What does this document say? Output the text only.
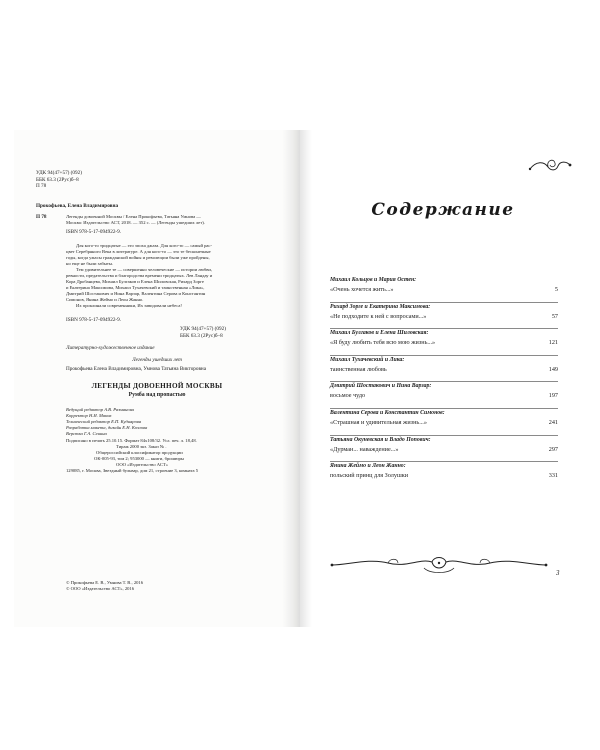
УДК 94(47+57) (092)
ББК 63.3 (2Рус)б–8
П 78
Прокофьева, Елена Владимировна
П 78	Легенды довоенной Москвы / Елена Прокофьева, Татьяна Умнова —
Москва: Издательство АСТ, 2018. — 352 с. — (Легенды ушедших лет).
ISBN 978-5-17-094922-9.

Для кого-то тридцатые — это эпоха джаза. Для кого-то — самый рас-

цвет Серебряного Века в литературе. А для кого-то — это те бесконечные
годы, когда ужасы гражданской войны и революции были уже пройдены,
но еще не были забыты.

Тем удивительнее те — совершенно человеческие — истории любви,

ревности, предательства и благородства времени тридцатых. Лев Ландау и
Кора Дробанцева, Михаил Булгаков и Елена Шиловская, Рихард Зорге
и Екатерина Максимова, Михаил Тухачевский и таинственная «Лика»,
Дмитрий Шостакович и Нина Варзар, Валентина Серова и Константин
Симонов, Янина Жеймо и Леон Жанно.

Их проклинали современники, Их завидовали небеса!

ISBN 978-5-17-094922-9.
УДК 94(47+57) (092)
ББК 63.3 (2Рус)б–8
Литературно-художественное издание
Легенды ушедших лет
Прокофьева Елена Владимировна, Умнова Татьяна Викторовна
ЛЕГЕНДЫ ДОВОЕННОЙ МОСКВЫ
Румба над пропастью
Ведущий редактор А.В. Разманова
Корректор Н.И. Маков
Технический редактор Е.П. Кудиярова
Разработка макета, дизайн Е.Н. Козлова
Верстка Г.А. Сенина
Подписано в печать 25.10.15. Формат 84х108/32. Усл. печ. л. 18,48.
Тираж 2000 экз. Заказ № .
Общероссийский классификатор продукции
ОК-005-93, том 2; 953000 — книги, брошюры
ООО «Издательство АСТ»
129085, г. Москва, Звездный бульвар, дом 21, строение 3, комната 5
© Прокофьева Е. В., Умнова Т. В., 2016
© ООО «Издательство АСТ», 2016
Содержание
Михаил Кольцов и Мария Остен:
«Очень хочется жить...»	5
Рихард Зорге и Екатерина Максимова:
«Не подходите к ней с вопросами...»	57
Михаил Булгаков и Елена Шиловская:
«Я буду любить тебя всю мою жизнь...»	121
Михаил Тухачевский и Лика:
таинственная любовь	149
Дмитрий Шостакович и Нина Варзар:
восьмое чудо	197
Валентина Серова и Константин Симонов:
«Страшная и удивительная жизнь...»	241
Татьяна Окуневская и Владо Попович:
«Дурман... наваждение...»	297
Янина Жеймо и Леон Жанно:
польский принц для Золушки	331
3
